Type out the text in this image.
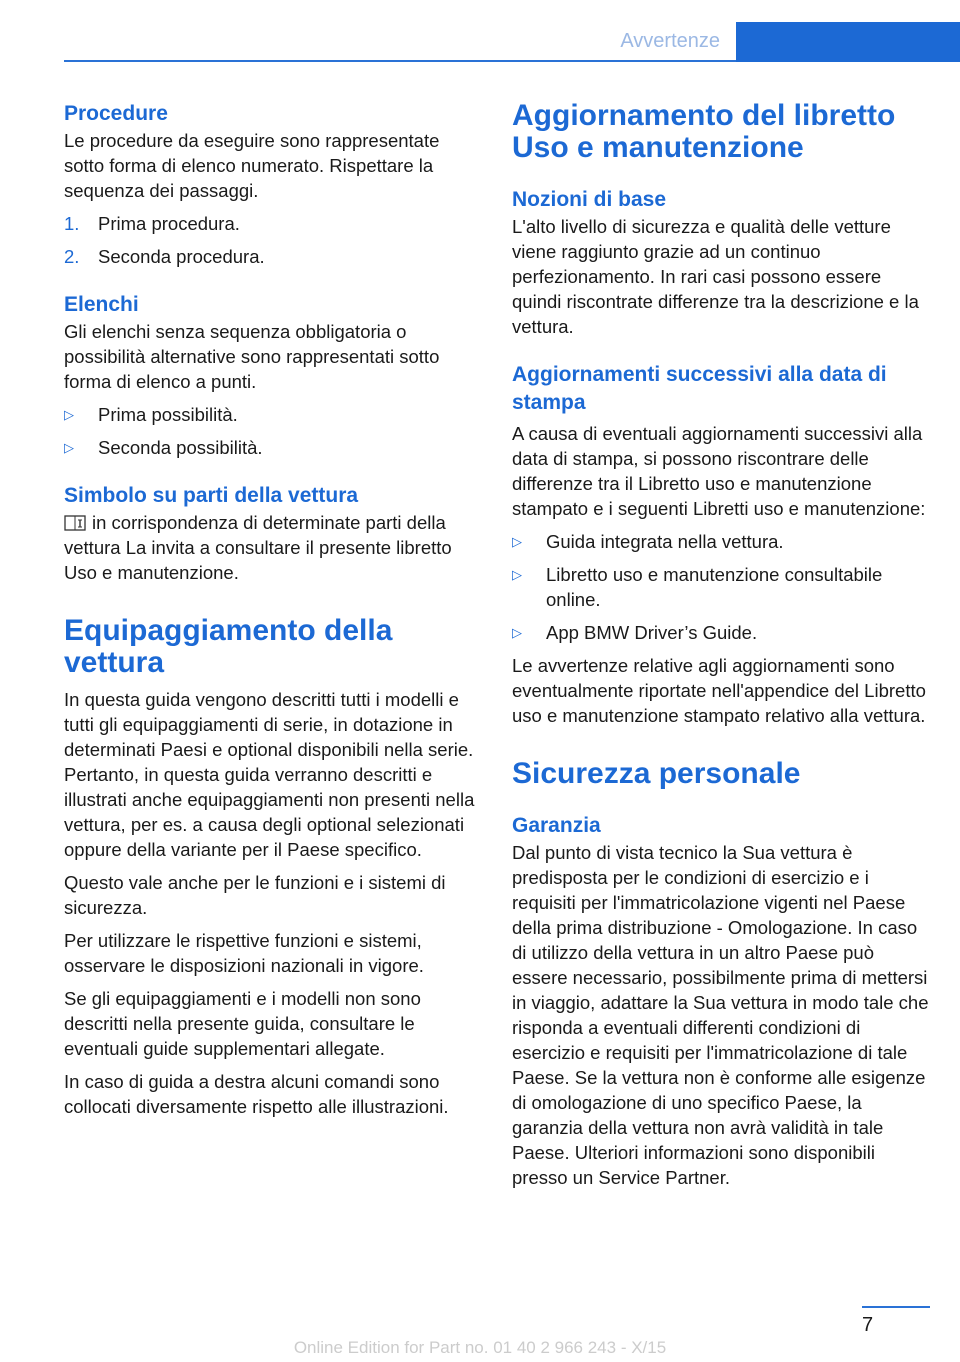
Avvertenze
Procedure

Le procedure da eseguire sono rappresentate sotto forma di elenco numerato. Rispettare la sequenza dei passaggi.

1.	Prima procedura.
2.	Seconda procedura.
Elenchi

Gli elenchi senza sequenza obbligatoria o possibilità alternative sono rappresentati sotto forma di elenco a punti.

▷	Prima possibilità.
▷	Seconda possibilità.
Simbolo su parti della vettura

in corrispondenza di determinate parti della vettura La invita a consultare il presente libretto Uso e manutenzione.

Equipaggiamento della vettura

In questa guida vengono descritti tutti i modelli e tutti gli equipaggiamenti di serie, in dotazione in determinati Paesi e optional disponibili nella serie. Pertanto, in questa guida verranno descritti e illustrati anche equipaggiamenti non presenti nella vettura, per es. a causa degli optional selezionati oppure della variante per il Paese specifico.

Questo vale anche per le funzioni e i sistemi di sicurezza.

Per utilizzare le rispettive funzioni e sistemi, osservare le disposizioni nazionali in vigore.

Se gli equipaggiamenti e i modelli non sono descritti nella presente guida, consultare le eventuali guide supplementari allegate.

In caso di guida a destra alcuni comandi sono collocati diversamente rispetto alle illustrazioni.

Aggiornamento del libretto Uso e manutenzione
Nozioni di base

L'alto livello di sicurezza e qualità delle vetture viene raggiunto grazie ad un continuo perfezionamento. In rari casi possono essere quindi riscontrate differenze tra la descrizione e la vettura.

Aggiornamenti successivi alla data di stampa

A causa di eventuali aggiornamenti successivi alla data di stampa, si possono riscontrare delle differenze tra il Libretto uso e manutenzione stampato e i seguenti Libretti uso e manutenzione:

▷	Guida integrata nella vettura.
▷	Libretto uso e manutenzione consultabile online.
▷	App BMW Driver’s Guide.

Le avvertenze relative agli aggiornamenti sono eventualmente riportate nell'appendice del Libretto uso e manutenzione stampato relativo alla vettura.

Sicurezza personale
Garanzia

Dal punto di vista tecnico la Sua vettura è predisposta per le condizioni di esercizio e i requisiti per l'immatricolazione vigenti nel Paese della prima distribuzione - Omologazione. In caso di utilizzo della vettura in un altro Paese può essere necessario, possibilmente prima di mettersi in viaggio, adattare la Sua vettura in modo tale che risponda a eventuali differenti condizioni di esercizio e requisiti per l'immatricolazione di tale Paese. Se la vettura non è conforme alle esigenze di omologazione di uno specifico Paese, la garanzia della vettura non avrà validità in tale Paese. Ulteriori informazioni sono disponibili presso un Service Partner.

7
Online Edition for Part no. 01 40 2 966 243 - X/15
